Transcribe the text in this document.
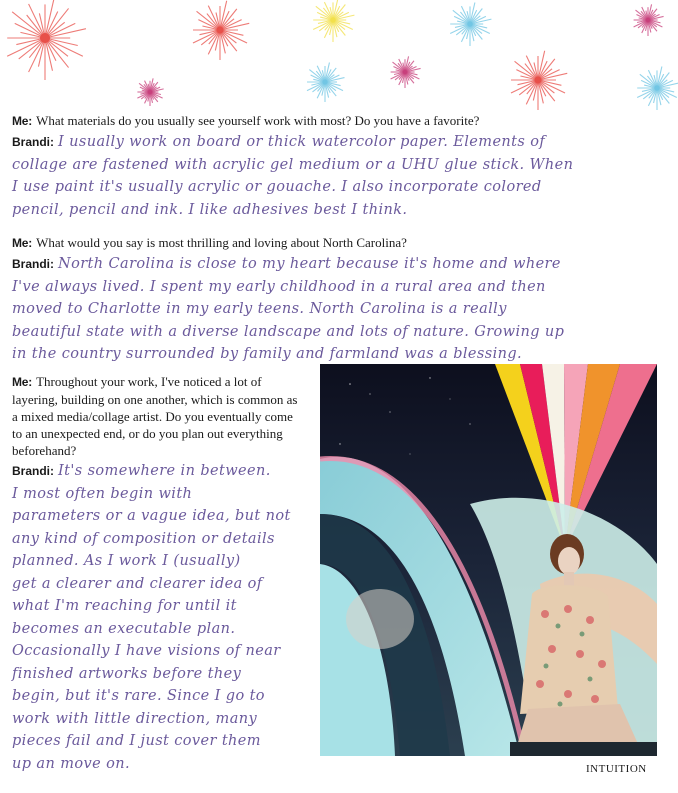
Me: What materials do you usually see yourself work with most? Do you have a favorite?
Brandi: I usually work on board or thick watercolor paper. Elements of
collage are fastened with acrylic gel medium or a UHU glue stick. When
I use paint it's usually acrylic or gouache. I also incorporate colored
pencil, pencil and ink. I like adhesives best I think.
Me: What would you say is most thrilling and loving about North Carolina?
Brandi: North Carolina is close to my heart because it's home and where
I've always lived. I spent my early childhood in a rural area and then
moved to Charlotte in my early teens. North Carolina is a really
beautiful state with a diverse landscape and lots of nature. Growing up
in the country surrounded by family and farmland was a blessing.
Me: Throughout your work, I've noticed a lot of
layering, building on one another, which is common as
a mixed media/collage artist. Do you eventually come
to an unexpected end, or do you plan out everything
beforehand?
Brandi: It's somewhere in between.
I most often begin with
parameters or a vague idea, but not
any kind of composition or details
planned. As I work I (usually)
get a clearer and clearer idea of
what I'm reaching for until it
becomes an executable plan.
Occasionally I have visions of near
finished artworks before they
begin, but it's rare. Since I go to
work with little direction, many
pieces fail and I just cover them
up an move on.	INTUITION
